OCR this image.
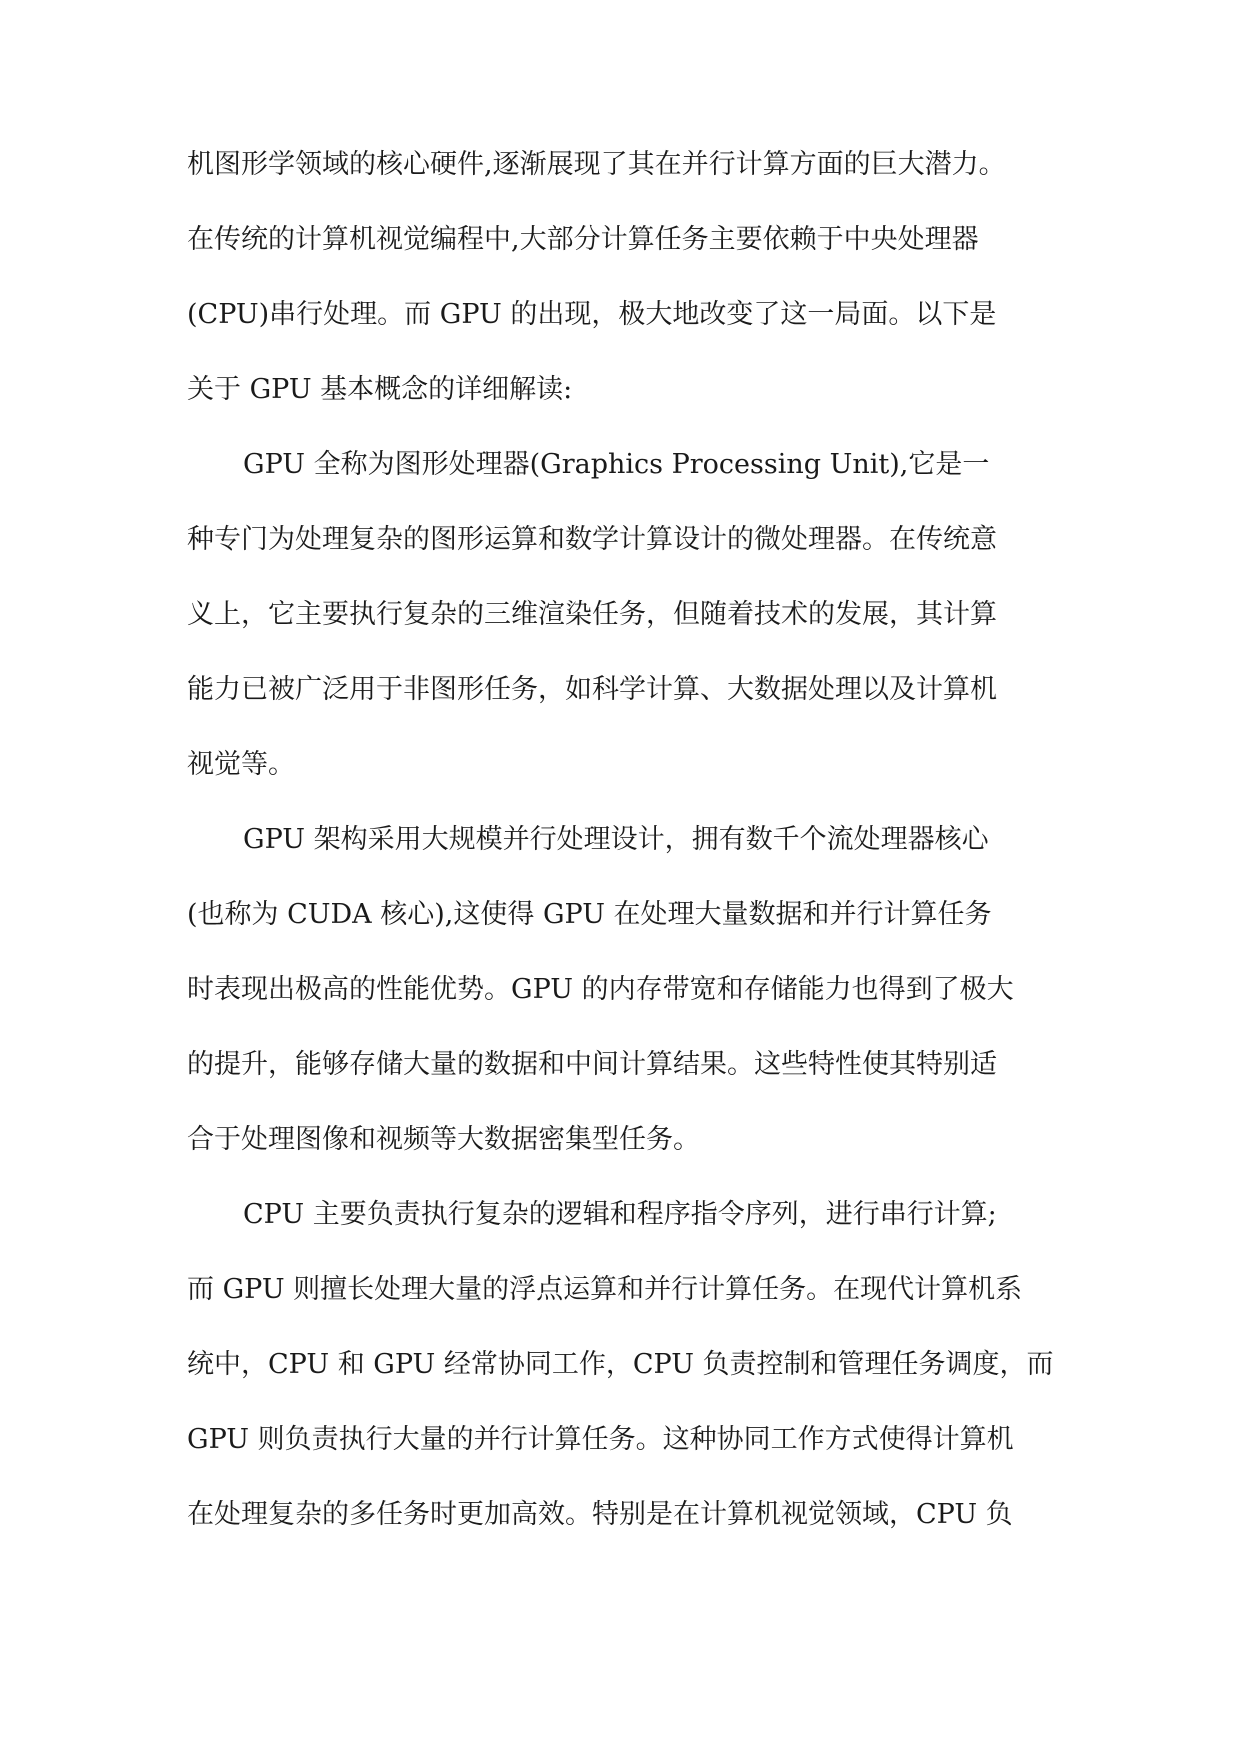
机图形学领域的核心硬件,逐渐展现了其在并行计算方面的巨大潜力。
在传统的计算机视觉编程中,大部分计算任务主要依赖于中央处理器
(CPU)串行处理。而 GPU 的出现，极大地改变了这一局面。以下是
关于 GPU 基本概念的详细解读:
GPU 全称为图形处理器(Graphics Processing Unit),它是一
种专门为处理复杂的图形运算和数学计算设计的微处理器。在传统意
义上，它主要执行复杂的三维渲染任务，但随着技术的发展，其计算
能力已被广泛用于非图形任务，如科学计算、大数据处理以及计算机
视觉等。
GPU 架构采用大规模并行处理设计，拥有数千个流处理器核心
(也称为 CUDA 核心),这使得 GPU 在处理大量数据和并行计算任务
时表现出极高的性能优势。GPU 的内存带宽和存储能力也得到了极大
的提升，能够存储大量的数据和中间计算结果。这些特性使其特别适
合于处理图像和视频等大数据密集型任务。
CPU 主要负责执行复杂的逻辑和程序指令序列，进行串行计算;
而 GPU 则擅长处理大量的浮点运算和并行计算任务。在现代计算机系
统中，CPU 和 GPU 经常协同工作，CPU 负责控制和管理任务调度，而
GPU 则负责执行大量的并行计算任务。这种协同工作方式使得计算机
在处理复杂的多任务时更加高效。特别是在计算机视觉领域，CPU 负
